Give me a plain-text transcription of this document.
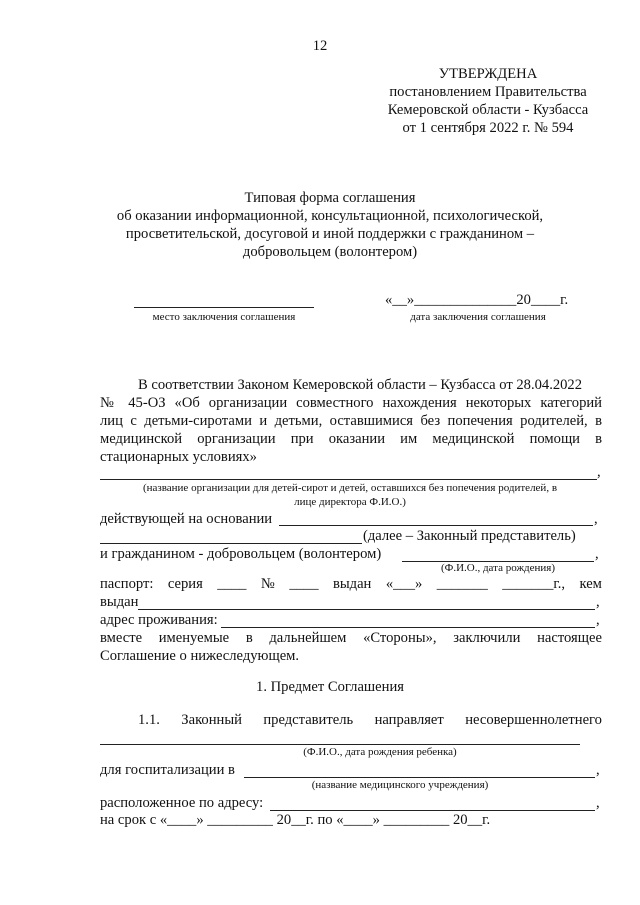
12
УТВЕРЖДЕНА
постановлением Правительства
Кемеровской области - Кузбасса
от 1 сентября 2022 г. № 594
Типовая форма соглашения
об оказании информационной, консультационной, психологической,
просветительской, досуговой и иной поддержки с гражданином –
добровольцем (волонтером)
место заключения соглашения
«__»______________20____г.
дата заключения соглашения
В соответствии Законом Кемеровской области – Кузбасса от 28.04.2022
№ 45-ОЗ «Об организации совместного нахождения некоторых категорий
лиц с детьми-сиротами и детьми, оставшимися без попечения родителей, в
медицинской организации при оказании им медицинской помощи в
стационарных условиях»
,
(название организации для детей-сирот и детей, оставшихся без попечения родителей, в
лице директора Ф.И.О.)
действующей на основании	,
(далее – Законный представитель)
и гражданином - добровольцем (волонтером)	,
(Ф.И.О., дата рождения)
паспорт: серия ____ № ____ выдан «___» _______ _______г., кем
выдан	,
адрес проживания:	,
вместе именуемые в дальнейшем «Стороны», заключили настоящее
Соглашение о нижеследующем.
1. Предмет Соглашения
1.1. Законный представитель направляет несовершеннолетнего
(Ф.И.О., дата рождения ребенка)
для госпитализации в	,
(название медицинского учреждения)
расположенное по адресу:	,
на срок с «____» _________ 20__г. по «____» _________ 20__г.
